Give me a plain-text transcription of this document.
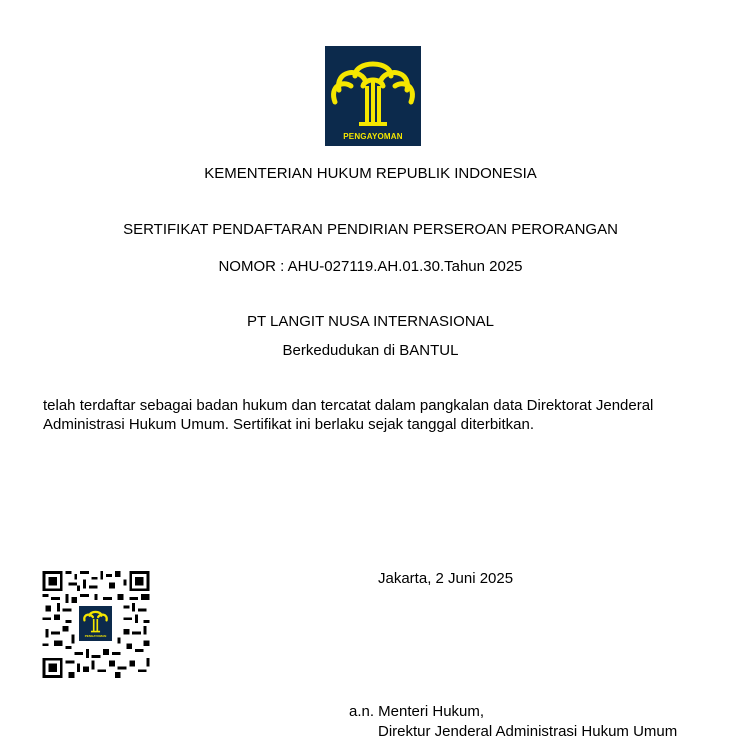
PENGAYOMAN
KEMENTERIAN HUKUM REPUBLIK INDONESIA
SERTIFIKAT PENDAFTARAN PENDIRIAN PERSEROAN PERORANGAN
NOMOR : AHU-027119.AH.01.30.Tahun 2025
PT LANGIT NUSA INTERNASIONAL
Berkedudukan di BANTUL
telah terdaftar sebagai badan hukum dan tercatat dalam pangkalan data Direktorat Jenderal
Administrasi Hukum Umum. Sertifikat ini berlaku sejak tanggal diterbitkan.
PENGAYOMAN
Jakarta, 2 Juni 2025
a.n. Menteri Hukum,
Direktur Jenderal Administrasi Hukum Umum
